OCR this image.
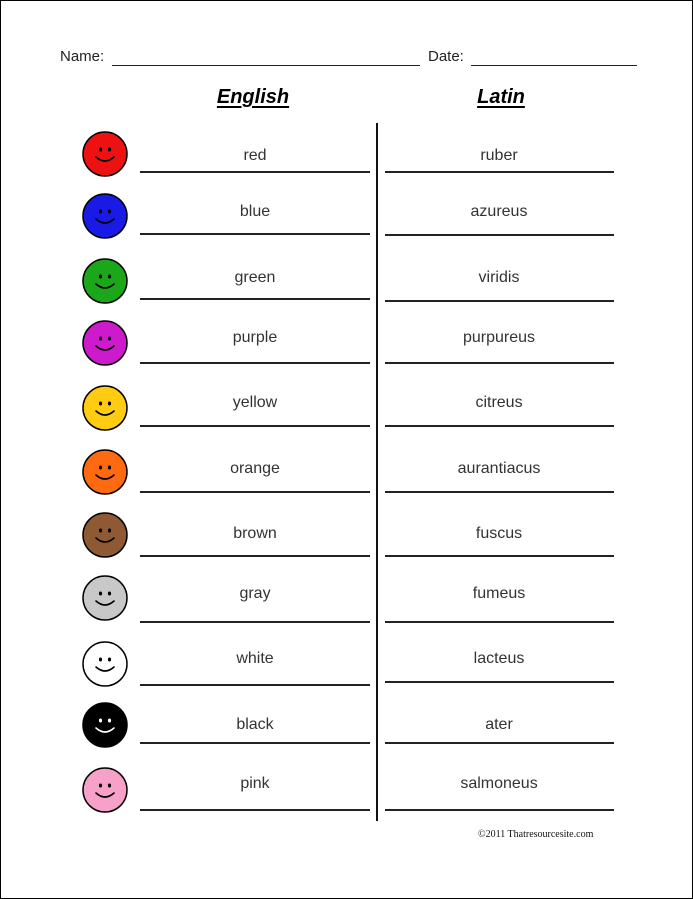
Name:	Date:
English	Latin
red	ruber
blue	azureus
green	viridis
purple	purpureus
yellow	citreus
orange	aurantiacus
brown	fuscus
gray	fumeus
white	lacteus
black	ater
pink	salmoneus
©2011 Thatresourcesite.com
